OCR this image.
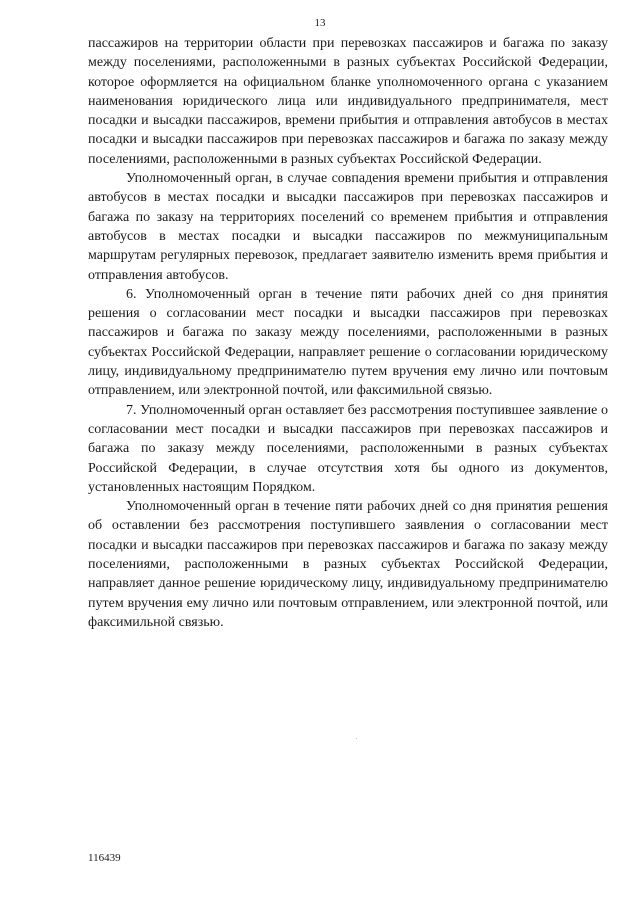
13

пассажиров на территории области при перевозках пассажиров и багажа по заказу между поселениями, расположенными в разных субъектах Российской Федерации, которое оформляется на официальном бланке уполномоченного органа с указанием наименования юридического лица или индивидуального предпринимателя, мест посадки и высадки пассажиров, времени прибытия и отправления автобусов в местах посадки и высадки пассажиров при перевозках пассажиров и багажа по заказу между поселениями, расположенными в разных субъектах Российской Федерации.

Уполномоченный орган, в случае совпадения времени прибытия и отправления автобусов в местах посадки и высадки пассажиров при перевозках пассажиров и багажа по заказу на территориях поселений со временем прибытия и отправления автобусов в местах посадки и высадки пассажиров по межмуниципальным маршрутам регулярных перевозок, предлагает заявителю изменить время прибытия и отправления автобусов.

6. Уполномоченный орган в течение пяти рабочих дней со дня принятия решения о согласовании мест посадки и высадки пассажиров при перевозках пассажиров и багажа по заказу между поселениями, расположенными в разных субъектах Российской Федерации, направляет решение о согласовании юридическому лицу, индивидуальному предпринимателю путем вручения ему лично или почтовым отправлением, или электронной почтой, или факсимильной связью.

7. Уполномоченный орган оставляет без рассмотрения поступившее заявление о согласовании мест посадки и высадки пассажиров при перевозках пассажиров и багажа по заказу между поселениями, расположенными в разных субъектах Российской Федерации, в случае отсутствия хотя бы одного из документов, установленных настоящим Порядком.

Уполномоченный орган в течение пяти рабочих дней со дня принятия решения об оставлении без рассмотрения поступившего заявления о согласовании мест посадки и высадки пассажиров при перевозках пассажиров и багажа по заказу между поселениями, расположенными в разных субъектах Российской Федерации, направляет данное решение юридическому лицу, индивидуальному предпринимателю путем вручения ему лично или почтовым отправлением, или электронной почтой, или факсимильной связью.

116439
